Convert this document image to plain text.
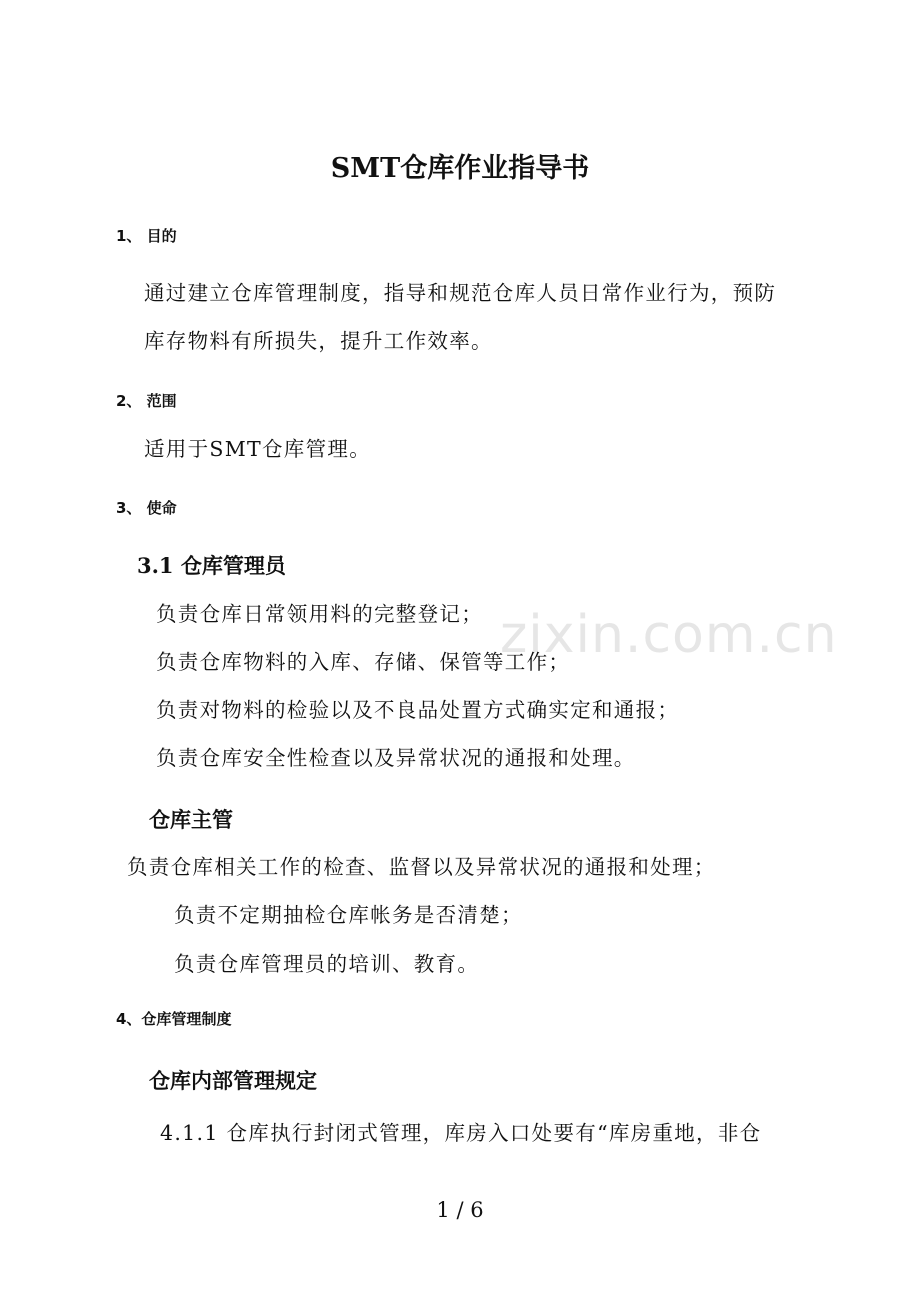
zixin.com.cn
SMT仓库作业指导书
1、 目的
通过建立仓库管理制度，指导和规范仓库人员日常作业行为，预防
库存物料有所损失，提升工作效率。
2、 范围
适用于SMT仓库管理。
3、 使命
3.1 仓库管理员
负责仓库日常领用料的完整登记；
负责仓库物料的入库、存储、保管等工作；
负责对物料的检验以及不良品处置方式确实定和通报；
负责仓库安全性检查以及异常状况的通报和处理。
仓库主管
负责仓库相关工作的检查、监督以及异常状况的通报和处理；
负责不定期抽检仓库帐务是否清楚；
负责仓库管理员的培训、教育。
4、仓库管理制度
仓库内部管理规定
4.1.1 仓库执行封闭式管理，库房入口处要有“库房重地，非仓
1 / 6
